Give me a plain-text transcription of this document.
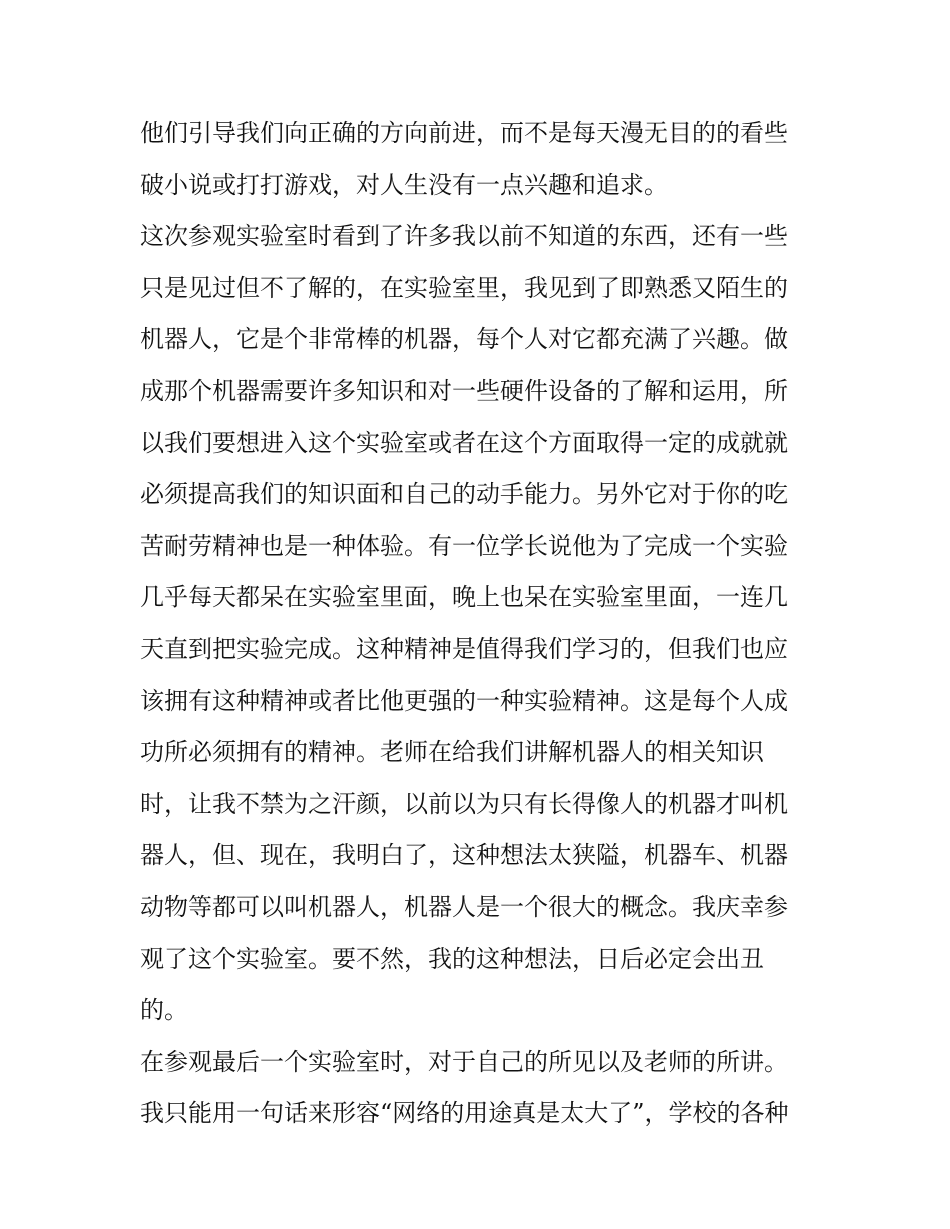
他们引导我们向正确的方向前进，而不是每天漫无目的的看些
破小说或打打游戏，对人生没有一点兴趣和追求。
这次参观实验室时看到了许多我以前不知道的东西，还有一些
只是见过但不了解的，在实验室里，我见到了即熟悉又陌生的
机器人，它是个非常棒的机器，每个人对它都充满了兴趣。做
成那个机器需要许多知识和对一些硬件设备的了解和运用，所
以我们要想进入这个实验室或者在这个方面取得一定的成就就
必须提高我们的知识面和自己的动手能力。另外它对于你的吃
苦耐劳精神也是一种体验。有一位学长说他为了完成一个实验
几乎每天都呆在实验室里面，晚上也呆在实验室里面，一连几
天直到把实验完成。这种精神是值得我们学习的，但我们也应
该拥有这种精神或者比他更强的一种实验精神。这是每个人成
功所必须拥有的精神。老师在给我们讲解机器人的相关知识
时，让我不禁为之汗颜，以前以为只有长得像人的机器才叫机
器人，但、现在，我明白了，这种想法太狭隘，机器车、机器
动物等都可以叫机器人，机器人是一个很大的概念。我庆幸参
观了这个实验室。要不然，我的这种想法，日后必定会出丑
的。
在参观最后一个实验室时，对于自己的所见以及老师的所讲。
我只能用一句话来形容“网络的用途真是太大了”，学校的各种
